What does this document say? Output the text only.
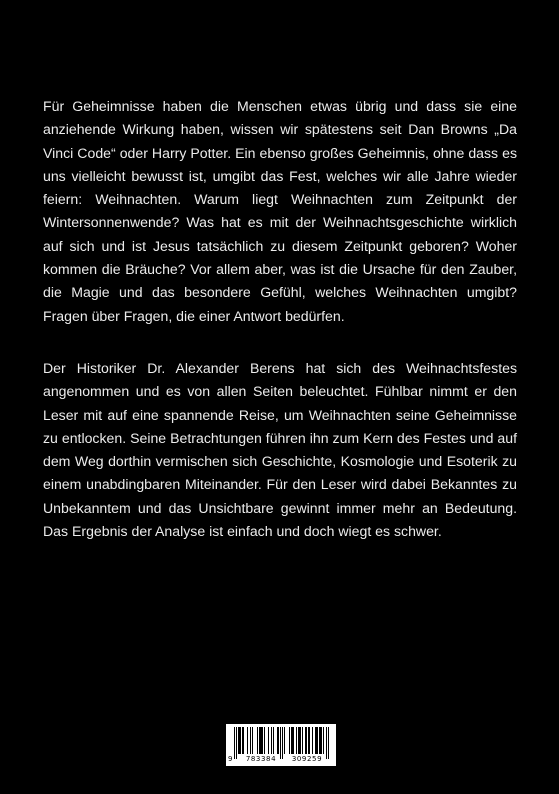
Für Geheimnisse haben die Menschen etwas übrig und dass sie eine
anziehende Wirkung haben, wissen wir spätestens seit Dan Browns „Da
Vinci Code“ oder Harry Potter. Ein ebenso großes Geheimnis, ohne dass es
uns vielleicht bewusst ist, umgibt das Fest, welches wir alle Jahre wieder
feiern: Weihnachten. Warum liegt Weihnachten zum Zeitpunkt der
Wintersonnenwende? Was hat es mit der Weihnachtsgeschichte wirklich
auf sich und ist Jesus tatsächlich zu diesem Zeitpunkt geboren? Woher
kommen die Bräuche? Vor allem aber, was ist die Ursache für den Zauber,
die Magie und das besondere Gefühl, welches Weihnachten umgibt?
Fragen über Fragen, die einer Antwort bedürfen.
Der Historiker Dr. Alexander Berens hat sich des Weihnachtsfestes
angenommen und es von allen Seiten beleuchtet. Fühlbar nimmt er den
Leser mit auf eine spannende Reise, um Weihnachten seine Geheimnisse
zu entlocken. Seine Betrachtungen führen ihn zum Kern des Festes und auf
dem Weg dorthin vermischen sich Geschichte, Kosmologie und Esoterik zu
einem unabdingbaren Miteinander. Für den Leser wird dabei Bekanntes zu
Unbekanntem und das Unsichtbare gewinnt immer mehr an Bedeutung.
Das Ergebnis der Analyse ist einfach und doch wiegt es schwer.
9	783384	309259
